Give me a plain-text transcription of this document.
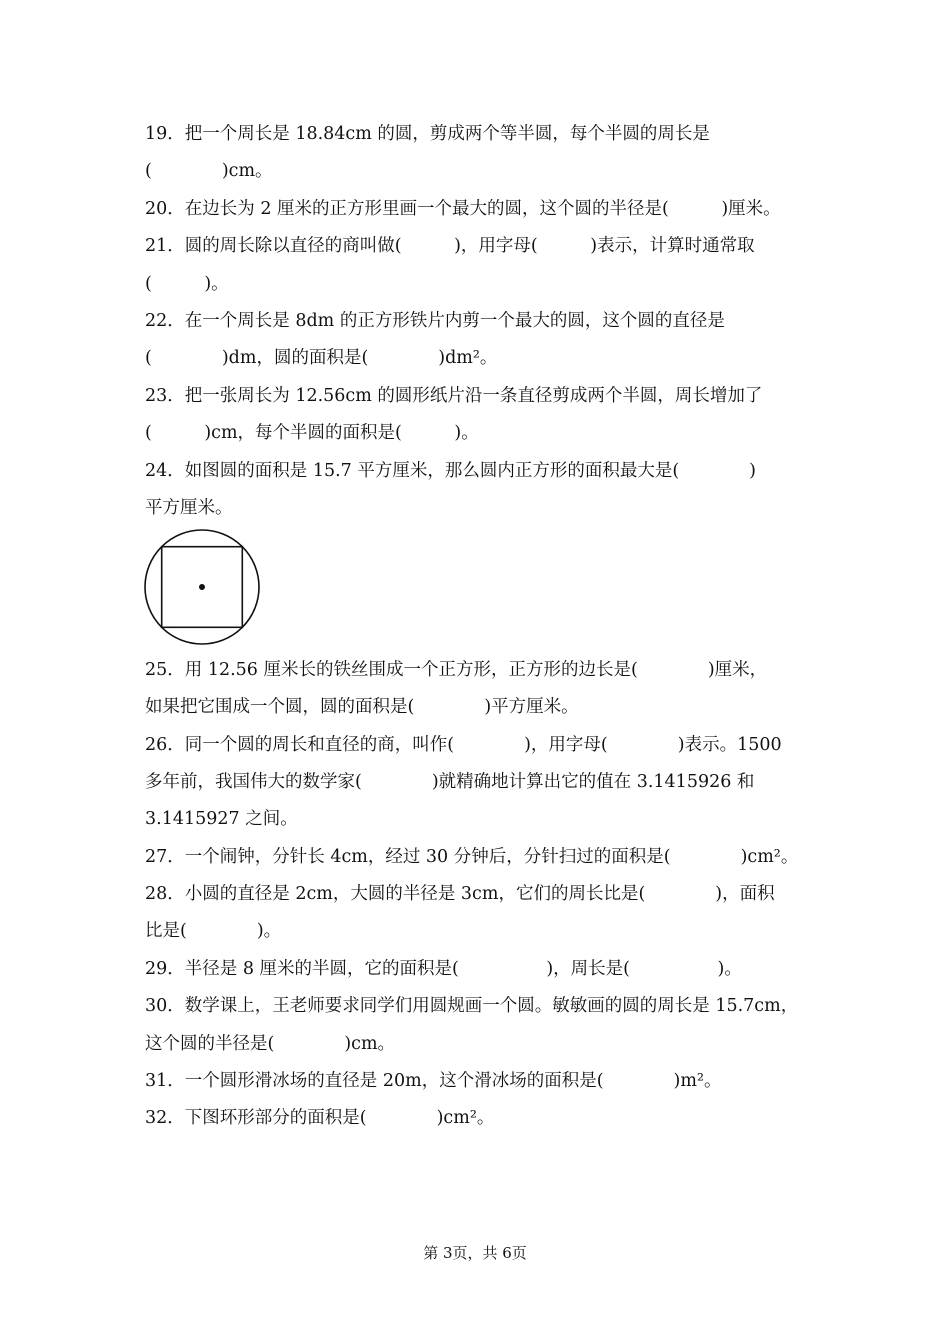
19．把一个周长是 18.84cm 的圆，剪成两个等半圆，每个半圆的周长是
(　　　　)cm。
20．在边长为 2 厘米的正方形里画一个最大的圆，这个圆的半径是(　　　)厘米。
21．圆的周长除以直径的商叫做(　　　)，用字母(　　　)表示，计算时通常取
(　　　)。
22．在一个周长是 8dm 的正方形铁片内剪一个最大的圆，这个圆的直径是
(　　　　)dm，圆的面积是(　　　　)dm²。
23．把一张周长为 12.56cm 的圆形纸片沿一条直径剪成两个半圆，周长增加了
(　　　)cm，每个半圆的面积是(　　　)。
24．如图圆的面积是 15.7 平方厘米，那么圆内正方形的面积最大是(　　　　)
平方厘米。
25．用 12.56 厘米长的铁丝围成一个正方形，正方形的边长是(　　　　)厘米，
如果把它围成一个圆，圆的面积是(　　　　)平方厘米。
26．同一个圆的周长和直径的商，叫作(　　　　)，用字母(　　　　)表示。1500
多年前，我国伟大的数学家(　　　　)就精确地计算出它的值在 3.1415926 和
3.1415927 之间。
27．一个闹钟，分针长 4cm，经过 30 分钟后，分针扫过的面积是(　　　　)cm²。
28．小圆的直径是 2cm，大圆的半径是 3cm，它们的周长比是(　　　　)，面积
比是(　　　　)。
29．半径是 8 厘米的半圆，它的面积是(　　　　　)，周长是(　　　　　)。
30．数学课上，王老师要求同学们用圆规画一个圆。敏敏画的圆的周长是 15.7cm，
这个圆的半径是(　　　　)cm。
31．一个圆形滑冰场的直径是 20m，这个滑冰场的面积是(　　　　)m²。
32．下图环形部分的面积是(　　　　)cm²。
第 3页，共 6页
